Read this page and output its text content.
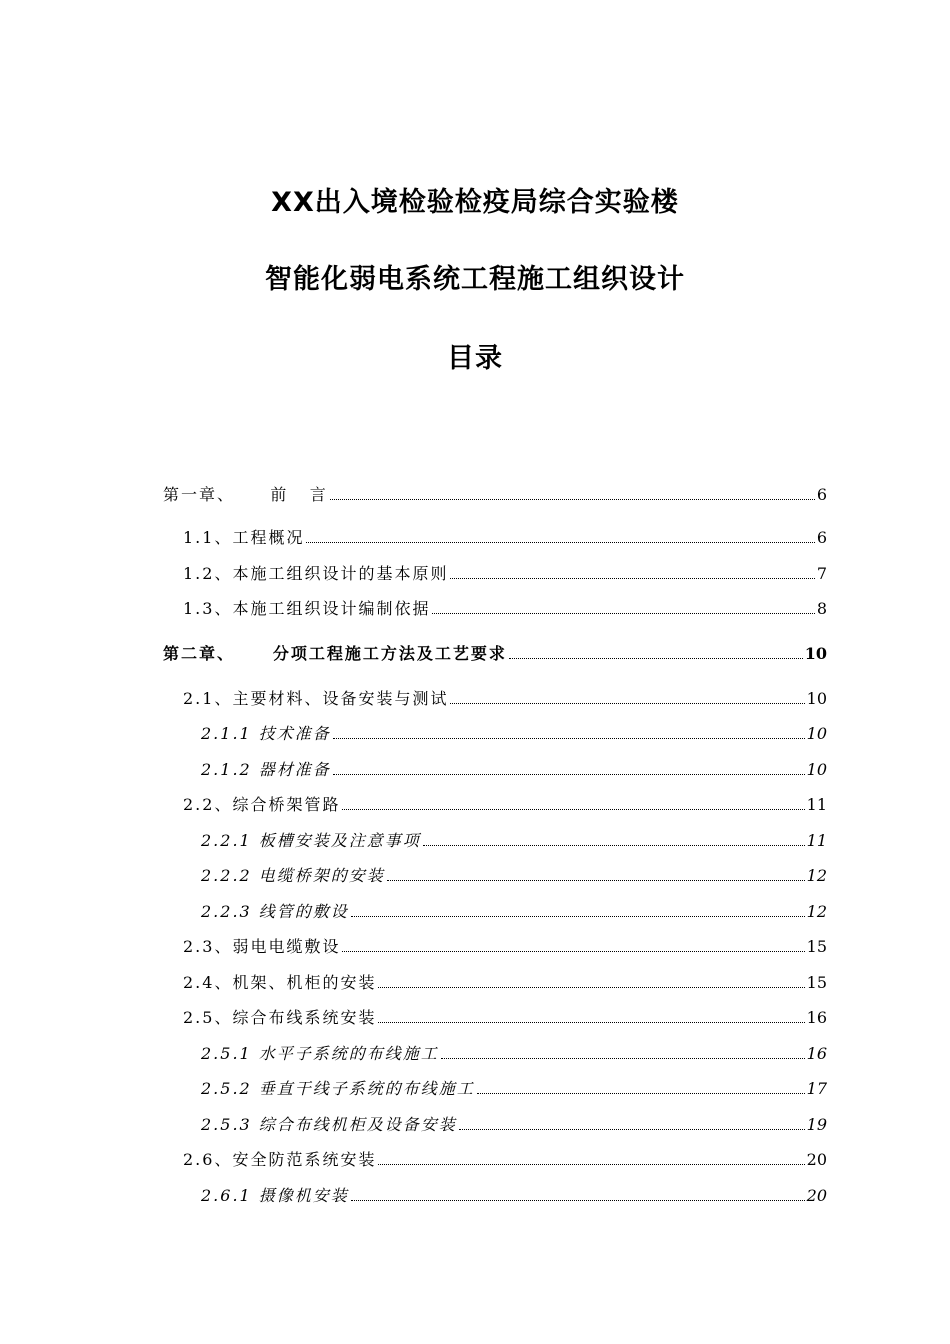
XX出入境检验检疫局综合实验楼
智能化弱电系统工程施工组织设计
目录
第一章、     前   言	6
1.1、工程概况	6
1.2、本施工组织设计的基本原则	7
1.3、本施工组织设计编制依据	8
第二章、     分项工程施工方法及工艺要求	10
2.1、主要材料、设备安装与测试	10
2.1.1 技术准备	10
2.1.2 器材准备	10
2.2、综合桥架管路	11
2.2.1 板槽安装及注意事项	11
2.2.2 电缆桥架的安装	12
2.2.3 线管的敷设	12
2.3、弱电电缆敷设	15
2.4、机架、机柜的安装	15
2.5、综合布线系统安装	16
2.5.1 水平子系统的布线施工	16
2.5.2 垂直干线子系统的布线施工	17
2.5.3 综合布线机柜及设备安装	19
2.6、安全防范系统安装	20
2.6.1 摄像机安装	20
